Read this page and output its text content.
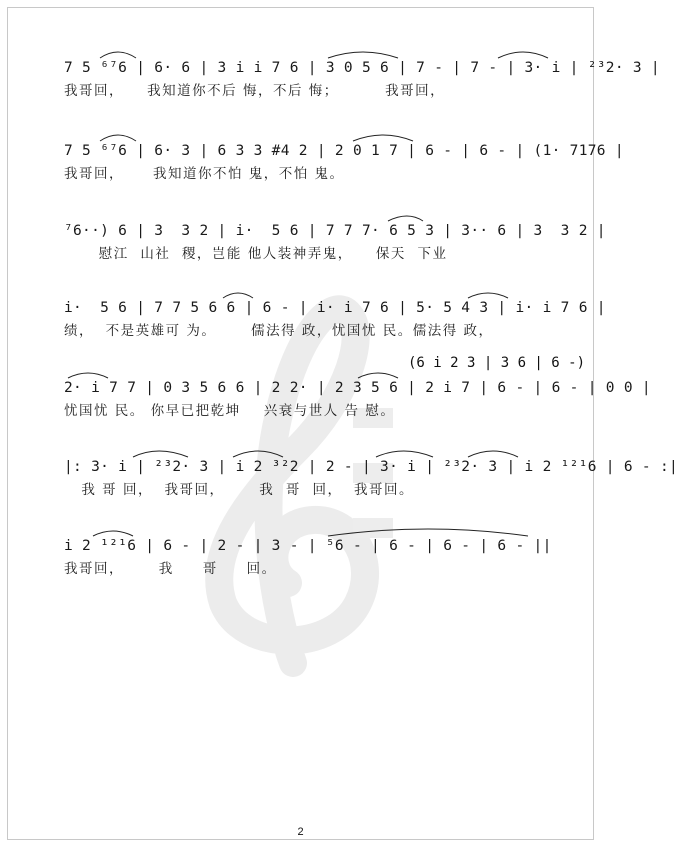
7 5 ⁶⁷6 | 6· 6 | 3 i i 7 6 | 3 0 5 6 | 7 - | 7 - | 3· i | ²³2· 3 |
我哥回，    我知道你不后 悔，不后 悔；        我哥回，
7 5 ⁶⁷6 | 6· 3 | 6 3 3 #4 2 | 2 0 1 7 | 6 - | 6 - | (1· 7176 |
我哥回，     我知道你不怕 鬼，不怕 鬼。
⁷6··) 6 | 3  3 2 | i·  5 6 | 7 7 7· 6 5 3 | 3·· 6 | 3  3 2 |
慰江  山社  稷，岂能 他人装神弄鬼，    保天  下业
i·  5 6 | 7 7 5 6 6 | 6 - | i· i 7 6 | 5· 5 4 3 | i· i 7 6 |
绩，  不是英雄可 为。      儒法得 政，忧国忧 民。儒法得 政，
(6 i 2 3 | 3 6 | 6 -)
2· i 7 7 | 0 3 5 6 6 | 2 2· | 2 3 5 6 | 2 i 7 | 6 - | 6 - | 0 0 |
忧国忧 民。 你早已把乾坤    兴衰与世人 告 慰。
|: 3· i | ²³2· 3 | i 2 ³²2 | 2 - | 3· i | ²³2· 3 | i 2 ¹²¹6 | 6 - :|
我 哥 回，  我哥回，      我  哥  回，  我哥回。
i 2 ¹²¹6 | 6 - | 2 - | 3 - | ⁵6 - | 6 - | 6 - | 6 - ||
我哥回，      我     哥     回。
2
